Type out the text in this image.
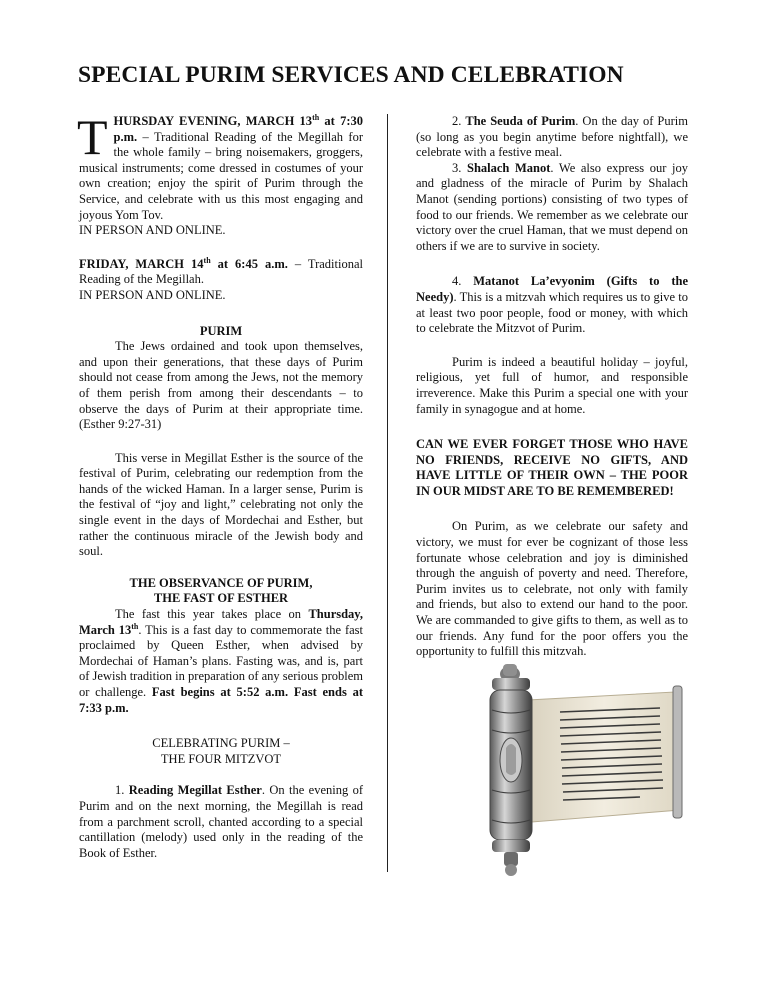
SPECIAL PURIM SERVICES AND CELEBRATION

THURSDAY EVENING, MARCH 13th at 7:30 p.m. – Traditional Reading of the Megillah for the whole family – bring noisemakers, groggers, musical instruments; come dressed in costumes of your own creation; enjoy the spirit of Purim through the Service, and celebrate with us this most engaging and joyous Yom Tov.

IN PERSON AND ONLINE.

FRIDAY, MARCH 14th at 6:45 a.m. – Traditional Reading of the Megillah.

IN PERSON AND ONLINE.

PURIM

The Jews ordained and took upon themselves, and upon their generations, that these days of Purim should not cease from among the Jews, not the memory of them perish from among their descendants – to observe the days of Purim at their appropriate time. (Esther 9:27-31)

This verse in Megillat Esther is the source of the festival of Purim, celebrating our redemption from the hands of the wicked Haman. In a larger sense, Purim is the festival of “joy and light,” celebrating not only the single event in the days of Mordechai and Esther, but rather the continuous miracle of the Jewish body and soul.

THE OBSERVANCE OF PURIM,

THE FAST OF ESTHER

The fast this year takes place on Thursday, March 13th. This is a fast day to commemorate the fast proclaimed by Queen Esther, when advised by Mordechai of Haman’s plans. Fasting was, and is, part of Jewish tradition in preparation of any serious problem or challenge. Fast begins at 5:52 a.m. Fast ends at 7:33 p.m.

CELEBRATING PURIM –

THE FOUR MITZVOT

1. Reading Megillat Esther. On the evening of Purim and on the next morning, the Megillah is read from a parchment scroll, chanted according to a special cantillation (melody) used only in the reading of the Book of Esther.

2. The Seuda of Purim. On the day of Purim (so long as you begin anytime before nightfall), we celebrate with a festive meal.

3. Shalach Manot. We also express our joy and gladness of the miracle of Purim by Shalach Manot (sending portions) consisting of two types of food to our friends. We remember as we celebrate our victory over the cruel Haman, that we must depend on others if we are to survive in society.

4. Matanot La’evyonim (Gifts to the Needy). This is a mitzvah which requires us to give to at least two poor people, food or money, with which to celebrate the Mitzvot of Purim.

Purim is indeed a beautiful holiday – joyful, religious, yet full of humor, and responsible irreverence. Make this Purim a special one with your family in synagogue and at home.

CAN WE EVER FORGET THOSE WHO HAVE NO FRIENDS, RECEIVE NO GIFTS, AND HAVE LITTLE OF THEIR OWN – THE POOR IN OUR MIDST ARE TO BE REMEMBERED!

On Purim, as we celebrate our safety and victory, we must for ever be cognizant of those less fortunate whose celebration and joy is diminished through the anguish of poverty and need. Therefore, Purim invites us to celebrate, not only with family and friends, but also to extend our hand to the poor. We are commanded to give gifts to them, as well as to our friends. Any fund for the poor offers you the opportunity to fulfill this mitzvah.
